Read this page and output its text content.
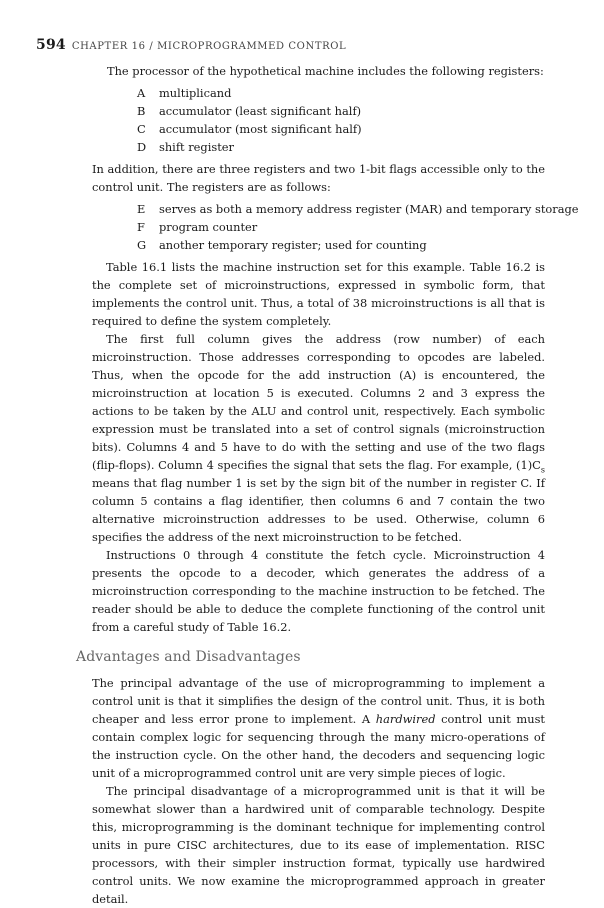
594 CHAPTER 16 / MICROPROGRAMMED CONTROL

The processor of the hypothetical machine includes the following registers:

A	multiplicand
B	accumulator (least significant half)
C	accumulator (most significant half)
D	shift register

In addition, there are three registers and two 1-bit flags accessible only to the control unit. The registers are as follows:

E	serves as both a memory address register (MAR) and temporary storage
F	program counter
G	another temporary register; used for counting

Table 16.1 lists the machine instruction set for this example. Table 16.2 is the complete set of microinstructions, expressed in symbolic form, that implements the control unit. Thus, a total of 38 microinstructions is all that is required to define the system completely.

The first full column gives the address (row number) of each microinstruction. Those addresses corresponding to opcodes are labeled. Thus, when the opcode for the add instruction (A) is encountered, the microinstruction at location 5 is executed. Columns 2 and 3 express the actions to be taken by the ALU and control unit, respectively. Each symbolic expression must be translated into a set of control signals (microinstruction bits). Columns 4 and 5 have to do with the setting and use of the two flags (flip-flops). Column 4 specifies the signal that sets the flag. For example, $(1)C_s$ means that flag number 1 is set by the sign bit of the number in register C. If column 5 contains a flag identifier, then columns 6 and 7 contain the two alternative microinstruction addresses to be used. Otherwise, column 6 specifies the address of the next microinstruction to be fetched.

Instructions 0 through 4 constitute the fetch cycle. Microinstruction 4 presents the opcode to a decoder, which generates the address of a microinstruction corresponding to the machine instruction to be fetched. The reader should be able to deduce the complete functioning of the control unit from a careful study of Table 16.2.

Advantages and Disadvantages

The principal advantage of the use of microprogramming to implement a control unit is that it simplifies the design of the control unit. Thus, it is both cheaper and less error prone to implement. A hardwired control unit must contain complex logic for sequencing through the many micro-operations of the instruction cycle. On the other hand, the decoders and sequencing logic unit of a microprogrammed control unit are very simple pieces of logic.

The principal disadvantage of a microprogrammed unit is that it will be somewhat slower than a hardwired unit of comparable technology. Despite this, microprogramming is the dominant technique for implementing control units in pure CISC architectures, due to its ease of implementation. RISC processors, with their simpler instruction format, typically use hardwired control units. We now examine the microprogrammed approach in greater detail.
